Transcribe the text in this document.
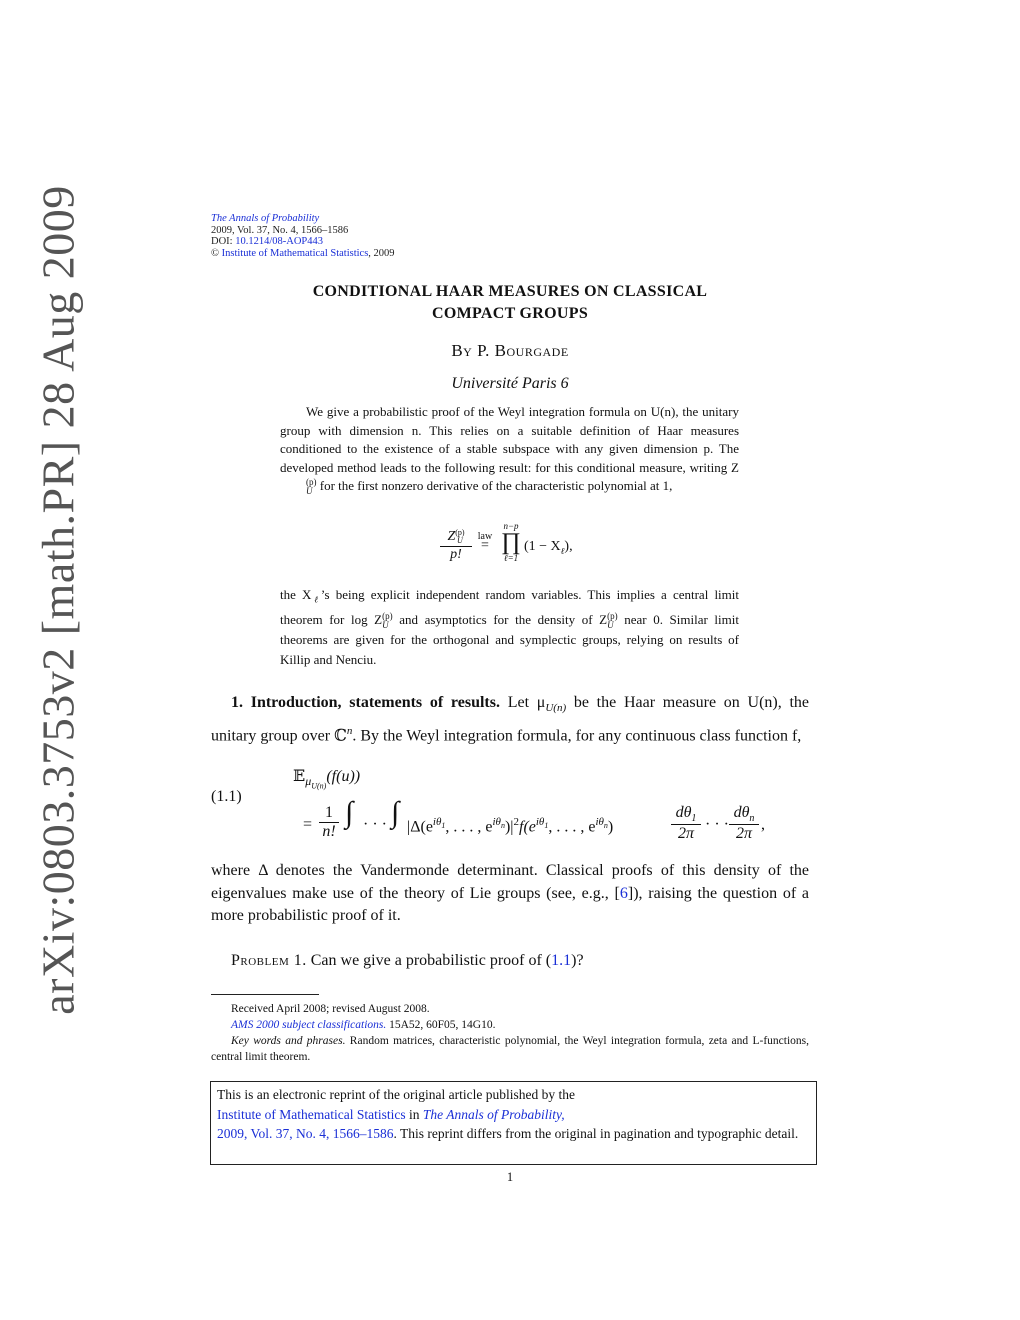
arXiv:0803.3753v2 [math.PR] 28 Aug 2009	The Annals of Probability
2009, Vol. 37, No. 4, 1566–1586
DOI: 10.1214/08-AOP443
© Institute of Mathematical Statistics, 2009
CONDITIONAL HAAR MEASURES ON CLASSICAL
COMPACT GROUPS
By P. Bourgade
Université Paris 6

We give a probabilistic proof of the Weyl integration formula on U(n), the unitary group with dimension n. This relies on a suitable definition of Haar measures conditioned to the existence of a stable subspace with any given dimension p. The developed method leads to the following result: for this conditional measure, writing Z
(p)
U for the first nonzero derivative of the characteristic polynomial at 1,

Z (p)
U
p!
law
=
n−p
∏
ℓ=1
$(1 - X_\ell)$,
the $X_\ell’s$ being explicit independent random variables. This implies a central limit theorem for log Z (p)
U and asymptotics for the density of Z (p)
U near 0. Similar limit theorems are given for the orthogonal and symplectic groups, relying on results of Killip and Nenciu.
1. Introduction, statements of results. Let $\mu_{U(n)}$ be the Haar measure on U(n), the unitary group over ℂ$^n$. By the Weyl integration formula, for any continuous class function f,
(1.1)
𝔼$_{\mu_{U(n)}}$(f(u))
=
1
n!
∫ · · · ∫ $|\Delta(e^{i\theta_1}$, . . . , $e^{i\theta_n})|^2f(e^{i\theta_1}$, . . . , $e^{i\theta_n}$)
$d\theta_1$
2π
· · ·
$d\theta_n$
2π
,
where Δ denotes the Vandermonde determinant. Classical proofs of this density of the eigenvalues make use of the theory of Lie groups (see, e.g., [6]), raising the question of a more probabilistic proof of it.
Problem 1. Can we give a probabilistic proof of (1.1)?

Received April 2008; revised August 2008.

AMS 2000 subject classifications. 15A52, 60F05, 14G10.

Key words and phrases. Random matrices, characteristic polynomial, the Weyl integration formula, zeta and L-functions, central limit theorem.

This is an electronic reprint of the original article published by the
Institute of Mathematical Statistics in The Annals of Probability,
2009, Vol. 37, No. 4, 1566–1586. This reprint differs from the original in pagination and typographic detail.
1
